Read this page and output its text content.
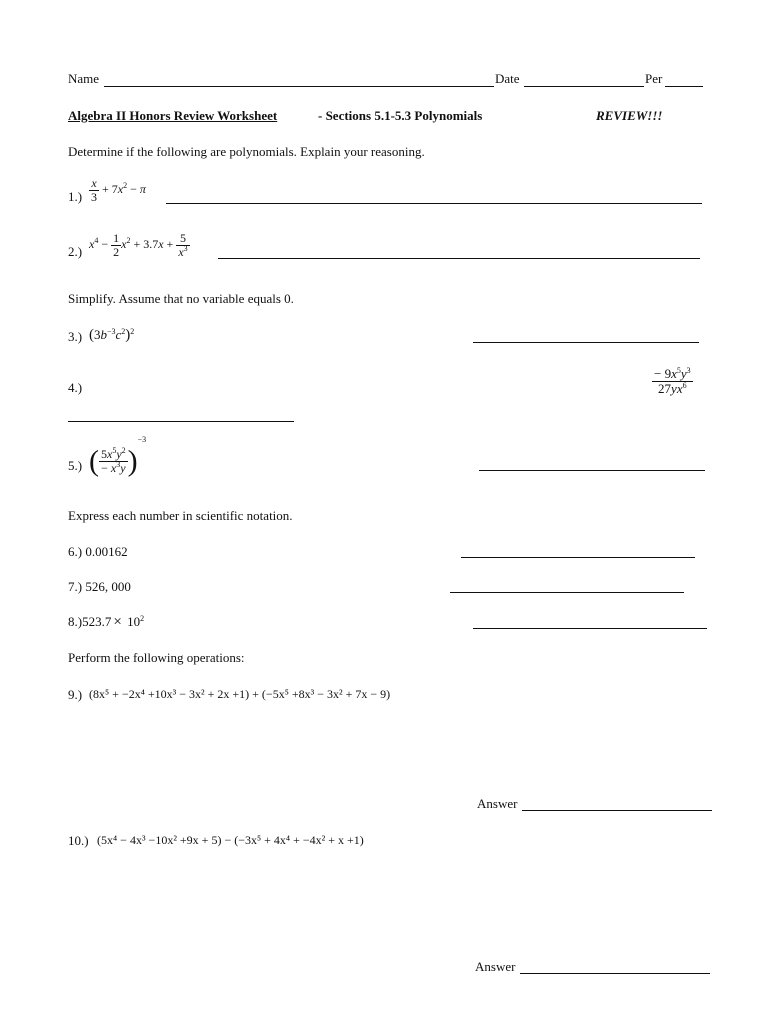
Name	Date	Per
Algebra II Honors Review Worksheet	- Sections 5.1-5.3 Polynomials	REVIEW!!!
Determine if the following are polynomials. Explain your reasoning.
$1.) \frac{x}{3} + 7x^2 - \pi$
2.)
$x^4 - \frac{1}{2} x^2 + 3.7x + \frac{5}{x^3}$
Simplify. Assume that no variable equals 0.
3.) $(3b^{-3}c^2)^2$
4.)	$\frac{- 9x^5y^3}{27yx^6}$
5.) ( $\frac{5x^5y^2}{- x^3y} )^{-3}$
Express each number in scientific notation.
6.) 0.00162
7.) 526, 000
$8.)523.7 \times 10^2$
Perform the following operations:
9.) (8x⁵ + −2x⁴ +10x³ − 3x² + 2x +1) + (−5x⁵ +8x³ − 3x² + 7x − 9)
Answer
10.) (5x⁴ − 4x³ −10x² +9x + 5) − (−3x⁵ + 4x⁴ + −4x² + x +1)
Answer
